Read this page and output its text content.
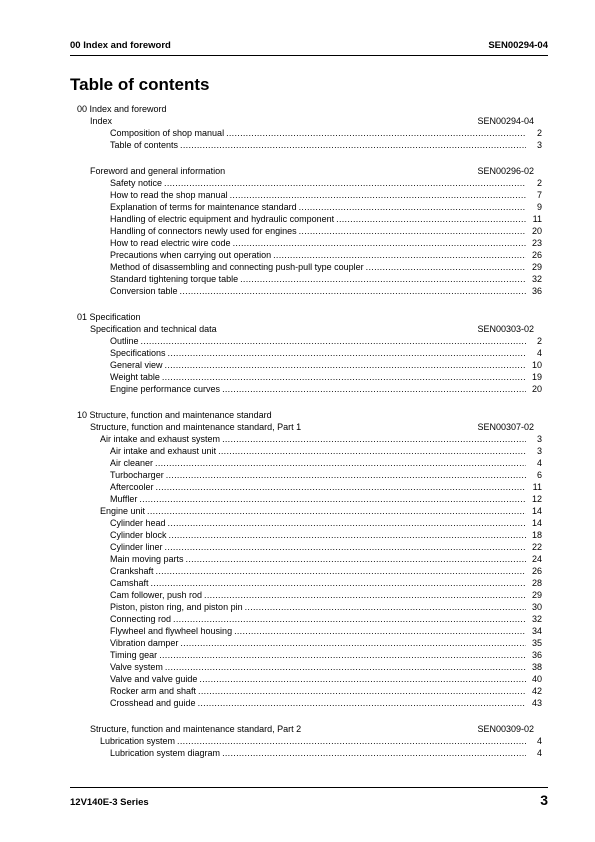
00 Index and foreword	SEN00294-04
Table of contents
00 Index and foreword
Index	SEN00294-04
Composition of shop manual .....	2
Table of contents .....	3
Foreword and general information	SEN00296-02
Safety notice .....	2
How to read the shop manual .....	7
Explanation of terms for maintenance standard .....	9
Handling of electric equipment and hydraulic component .....	11
Handling of connectors newly used for engines .....	20
How to read electric wire code .....	23
Precautions when carrying out operation .....	26
Method of disassembling and connecting push-pull type coupler .....	29
Standard tightening torque table .....	32
Conversion table .....	36
01 Specification
Specification and technical data	SEN00303-02
Outline .....	2
Specifications .....	4
General view .....	10
Weight table .....	19
Engine performance curves .....	20
10 Structure, function and maintenance standard
Structure, function and maintenance standard, Part 1	SEN00307-02
Air intake and exhaust system .....	3
Air intake and exhaust unit .....	3
Air cleaner .....	4
Turbocharger .....	6
Aftercooler .....	11
Muffler .....	12
Engine unit .....	14
Cylinder head .....	14
Cylinder block .....	18
Cylinder liner .....	22
Main moving parts .....	24
Crankshaft .....	26
Camshaft .....	28
Cam follower, push rod .....	29
Piston, piston ring, and piston pin .....	30
Connecting rod .....	32
Flywheel and flywheel housing .....	34
Vibration damper .....	35
Timing gear .....	36
Valve system .....	38
Valve and valve guide .....	40
Rocker arm and shaft .....	42
Crosshead and guide .....	43
Structure, function and maintenance standard, Part 2	SEN00309-02
Lubrication system .....	4
Lubrication system diagram .....	4
12V140E-3 Series	3
